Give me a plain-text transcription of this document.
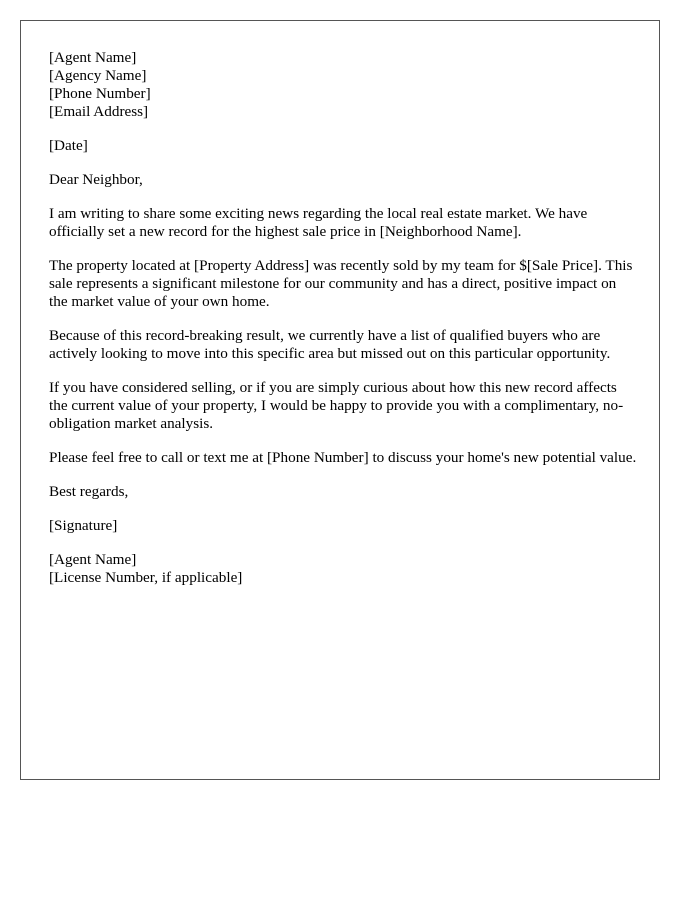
[Agent Name]
[Agency Name]
[Phone Number]
[Email Address]

[Date]

Dear Neighbor,

I am writing to share some exciting news regarding the local real estate market. We have officially set a new record for the highest sale price in [Neighborhood Name].

The property located at [Property Address] was recently sold by my team for $[Sale Price]. This sale represents a significant milestone for our community and has a direct, positive impact on the market value of your own home.

Because of this record-breaking result, we currently have a list of qualified buyers who are actively looking to move into this specific area but missed out on this particular opportunity.

If you have considered selling, or if you are simply curious about how this new record affects the current value of your property, I would be happy to provide you with a complimentary, no-obligation market analysis.

Please feel free to call or text me at [Phone Number] to discuss your home's new potential value.

Best regards,

[Signature]

[Agent Name]
[License Number, if applicable]
